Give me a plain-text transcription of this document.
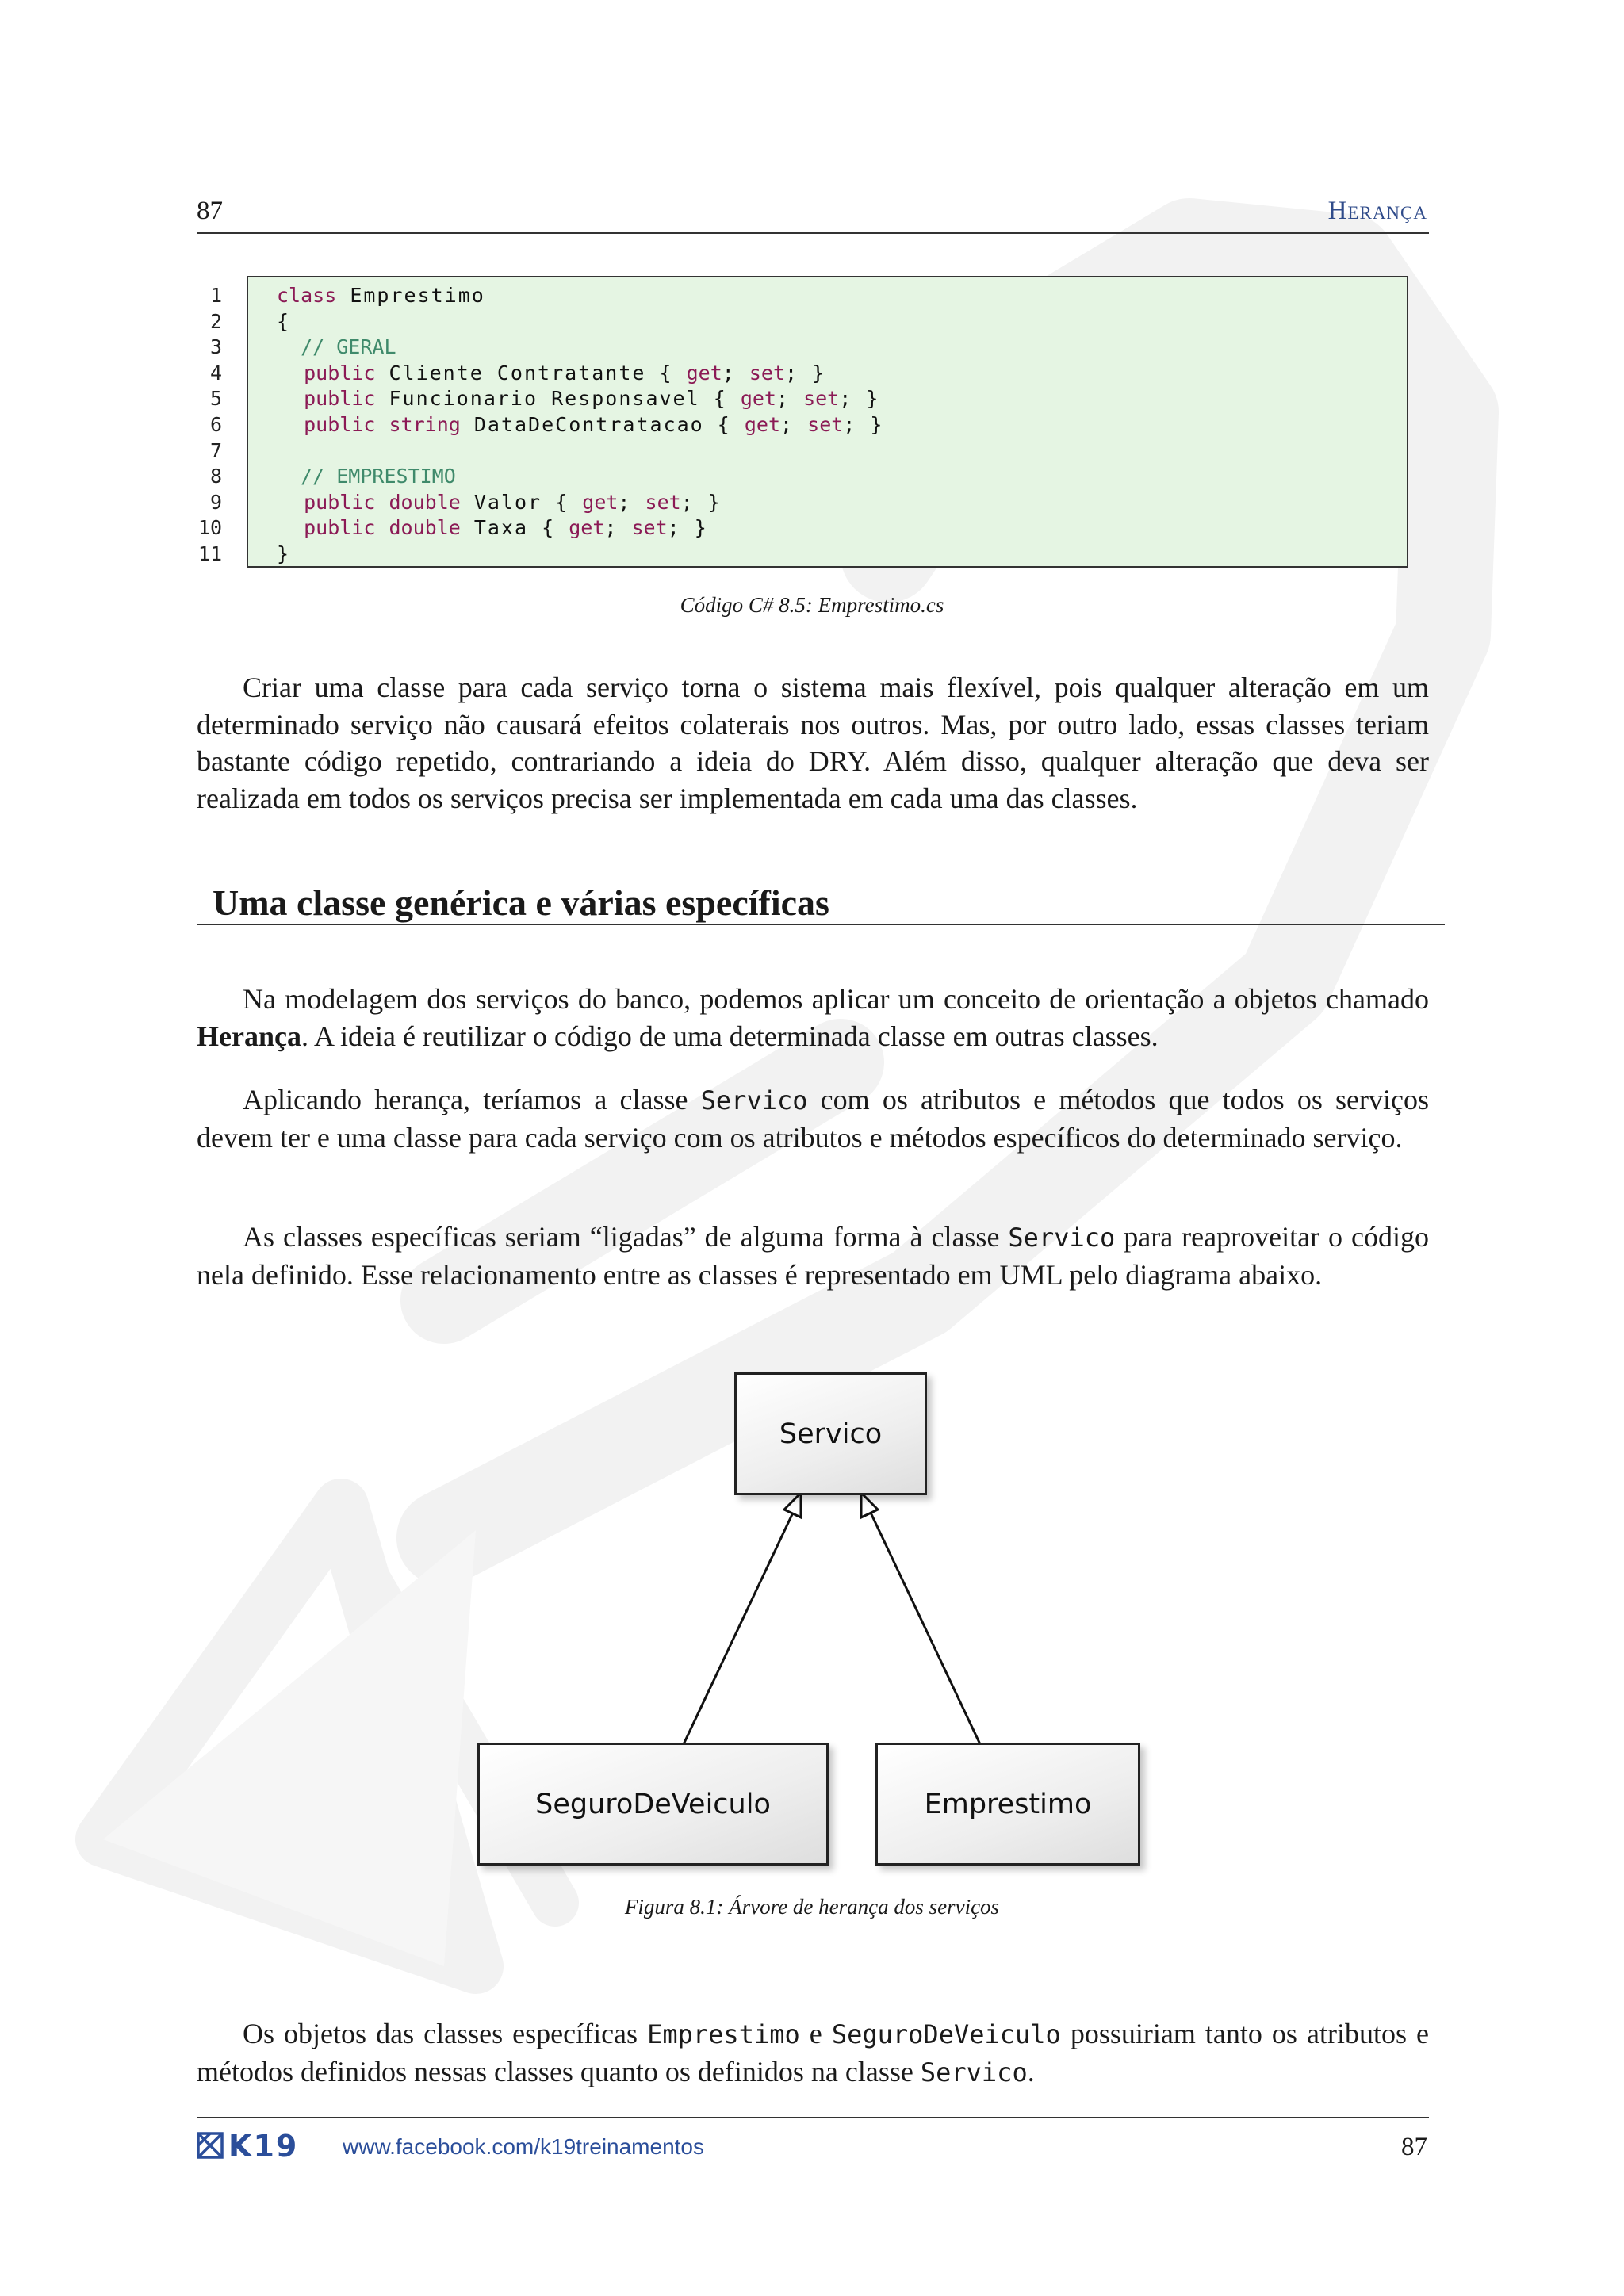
87	Herança
1	class Emprestimo
2	{
3	// GERAL
4	public Cliente Contratante { get; set; }
5	public Funcionario Responsavel { get; set; }
6	public string DataDeContratacao { get; set; }
7
8	// EMPRESTIMO
9	public double Valor { get; set; }
10	public double Taxa { get; set; }
11	}
Código C# 8.5: Emprestimo.cs
Criar uma classe para cada serviço torna o sistema mais flexível, pois qualquer alteração em um determinado serviço não causará efeitos colaterais nos outros. Mas, por outro lado, essas classes teriam bastante código repetido, contrariando a ideia do DRY. Além disso, qualquer alteração que deva ser realizada em todos os serviços precisa ser implementada em cada uma das classes.
Uma classe genérica e várias específicas
Na modelagem dos serviços do banco, podemos aplicar um conceito de orientação a objetos chamado Herança. A ideia é reutilizar o código de uma determinada classe em outras classes.
Aplicando herança, teríamos a classe Servico com os atributos e métodos que todos os serviços devem ter e uma classe para cada serviço com os atributos e métodos específicos do determinado serviço.
As classes específicas seriam “ligadas” de alguma forma à classe Servico para reaproveitar o código nela definido. Esse relacionamento entre as classes é representado em UML pelo diagrama abaixo.
Servico
SeguroDeVeiculo	Emprestimo
Figura 8.1: Árvore de herança dos serviços
Os objetos das classes específicas Emprestimo e SeguroDeVeiculo possuiriam tanto os atributos e métodos definidos nessas classes quanto os definidos na classe Servico.
K19 www.facebook.com/k19treinamentos	87
